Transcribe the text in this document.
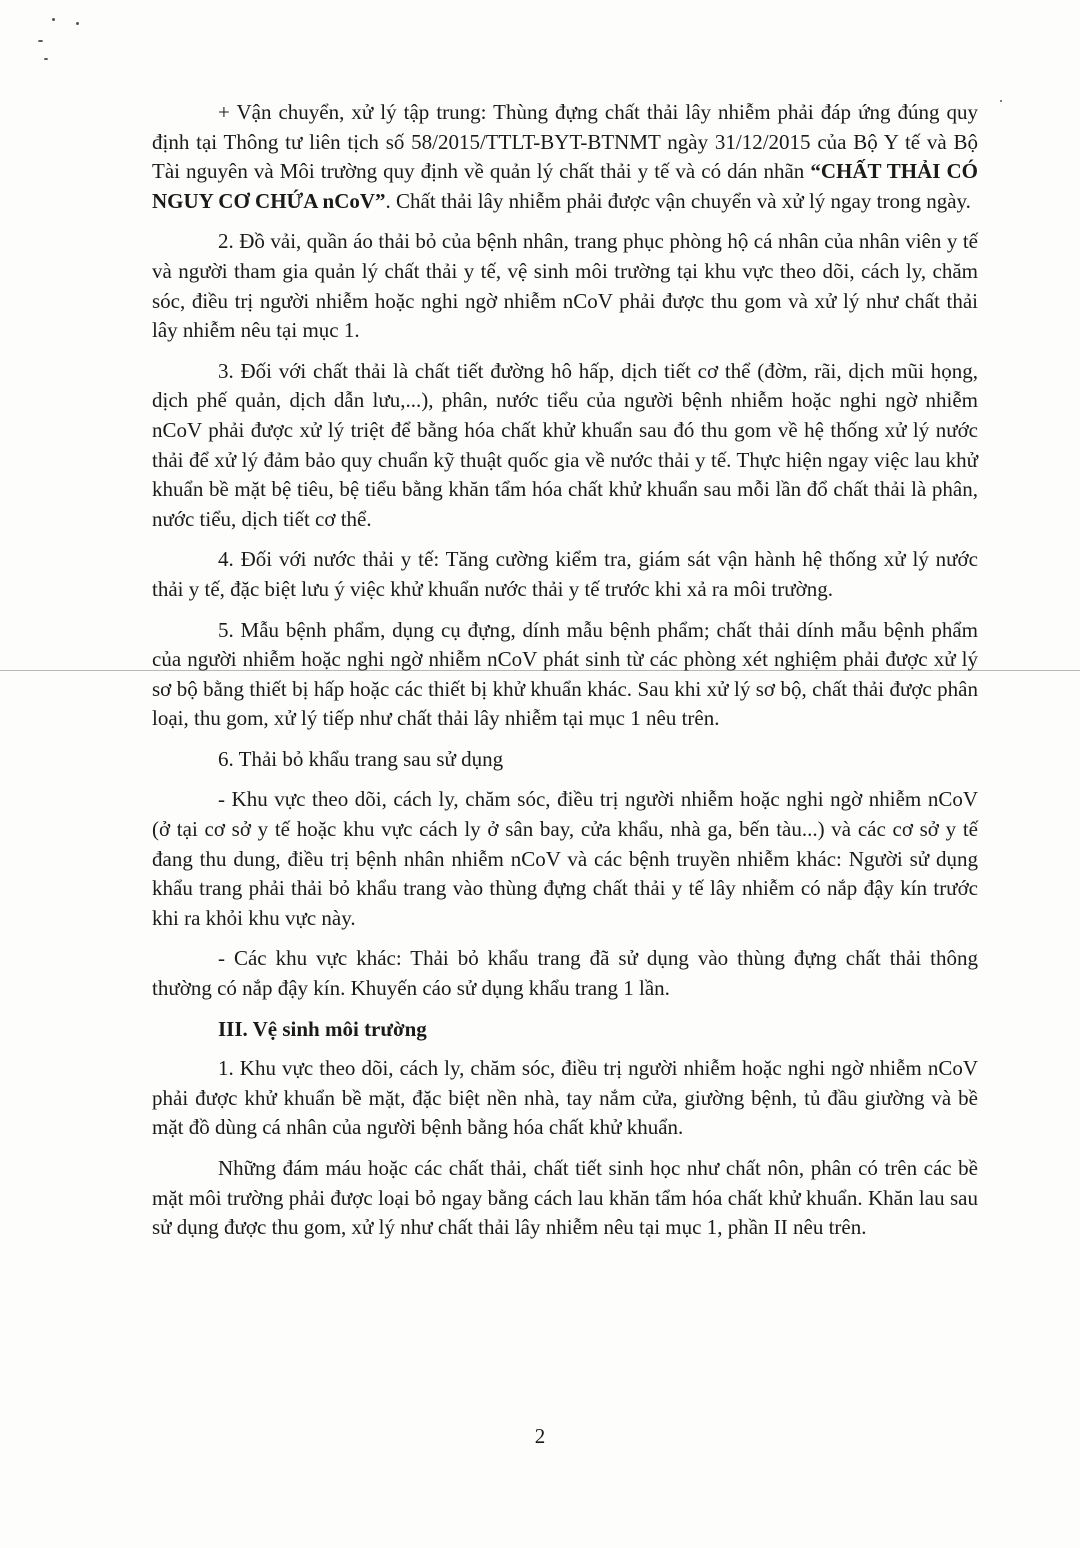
+ Vận chuyển, xử lý tập trung: Thùng đựng chất thải lây nhiễm phải đáp ứng đúng quy định tại Thông tư liên tịch số 58/2015/TTLT-BYT-BTNMT ngày 31/12/2015 của Bộ Y tế và Bộ Tài nguyên và Môi trường quy định về quản lý chất thải y tế và có dán nhãn “CHẤT THẢI CÓ NGUY CƠ CHỨA nCoV”. Chất thải lây nhiễm phải được vận chuyển và xử lý ngay trong ngày.

2. Đồ vải, quần áo thải bỏ của bệnh nhân, trang phục phòng hộ cá nhân của nhân viên y tế và người tham gia quản lý chất thải y tế, vệ sinh môi trường tại khu vực theo dõi, cách ly, chăm sóc, điều trị người nhiễm hoặc nghi ngờ nhiễm nCoV phải được thu gom và xử lý như chất thải lây nhiễm nêu tại mục 1.

3. Đối với chất thải là chất tiết đường hô hấp, dịch tiết cơ thể (đờm, rãi, dịch mũi họng, dịch phế quản, dịch dẫn lưu,...), phân, nước tiểu của người bệnh nhiễm hoặc nghi ngờ nhiễm nCoV phải được xử lý triệt để bằng hóa chất khử khuẩn sau đó thu gom về hệ thống xử lý nước thải để xử lý đảm bảo quy chuẩn kỹ thuật quốc gia về nước thải y tế. Thực hiện ngay việc lau khử khuẩn bề mặt bệ tiêu, bệ tiểu bằng khăn tẩm hóa chất khử khuẩn sau mỗi lần đổ chất thải là phân, nước tiểu, dịch tiết cơ thể.

4. Đối với nước thải y tế: Tăng cường kiểm tra, giám sát vận hành hệ thống xử lý nước thải y tế, đặc biệt lưu ý việc khử khuẩn nước thải y tế trước khi xả ra môi trường.

5. Mẫu bệnh phẩm, dụng cụ đựng, dính mẫu bệnh phẩm; chất thải dính mẫu bệnh phẩm của người nhiễm hoặc nghi ngờ nhiễm nCoV phát sinh từ các phòng xét nghiệm phải được xử lý sơ bộ bằng thiết bị hấp hoặc các thiết bị khử khuẩn khác. Sau khi xử lý sơ bộ, chất thải được phân loại, thu gom, xử lý tiếp như chất thải lây nhiễm tại mục 1 nêu trên.

6. Thải bỏ khẩu trang sau sử dụng

- Khu vực theo dõi, cách ly, chăm sóc, điều trị người nhiễm hoặc nghi ngờ nhiễm nCoV (ở tại cơ sở y tế hoặc khu vực cách ly ở sân bay, cửa khẩu, nhà ga, bến tàu...) và các cơ sở y tế đang thu dung, điều trị bệnh nhân nhiễm nCoV và các bệnh truyền nhiễm khác: Người sử dụng khẩu trang phải thải bỏ khẩu trang vào thùng đựng chất thải y tế lây nhiễm có nắp đậy kín trước khi ra khỏi khu vực này.

- Các khu vực khác: Thải bỏ khẩu trang đã sử dụng vào thùng đựng chất thải thông thường có nắp đậy kín. Khuyến cáo sử dụng khẩu trang 1 lần.

III. Vệ sinh môi trường

1. Khu vực theo dõi, cách ly, chăm sóc, điều trị người nhiễm hoặc nghi ngờ nhiễm nCoV phải được khử khuẩn bề mặt, đặc biệt nền nhà, tay nắm cửa, giường bệnh, tủ đầu giường và bề mặt đồ dùng cá nhân của người bệnh bằng hóa chất khử khuẩn.

Những đám máu hoặc các chất thải, chất tiết sinh học như chất nôn, phân có trên các bề mặt môi trường phải được loại bỏ ngay bằng cách lau khăn tẩm hóa chất khử khuẩn. Khăn lau sau sử dụng được thu gom, xử lý như chất thải lây nhiễm nêu tại mục 1, phần II nêu trên.

2
